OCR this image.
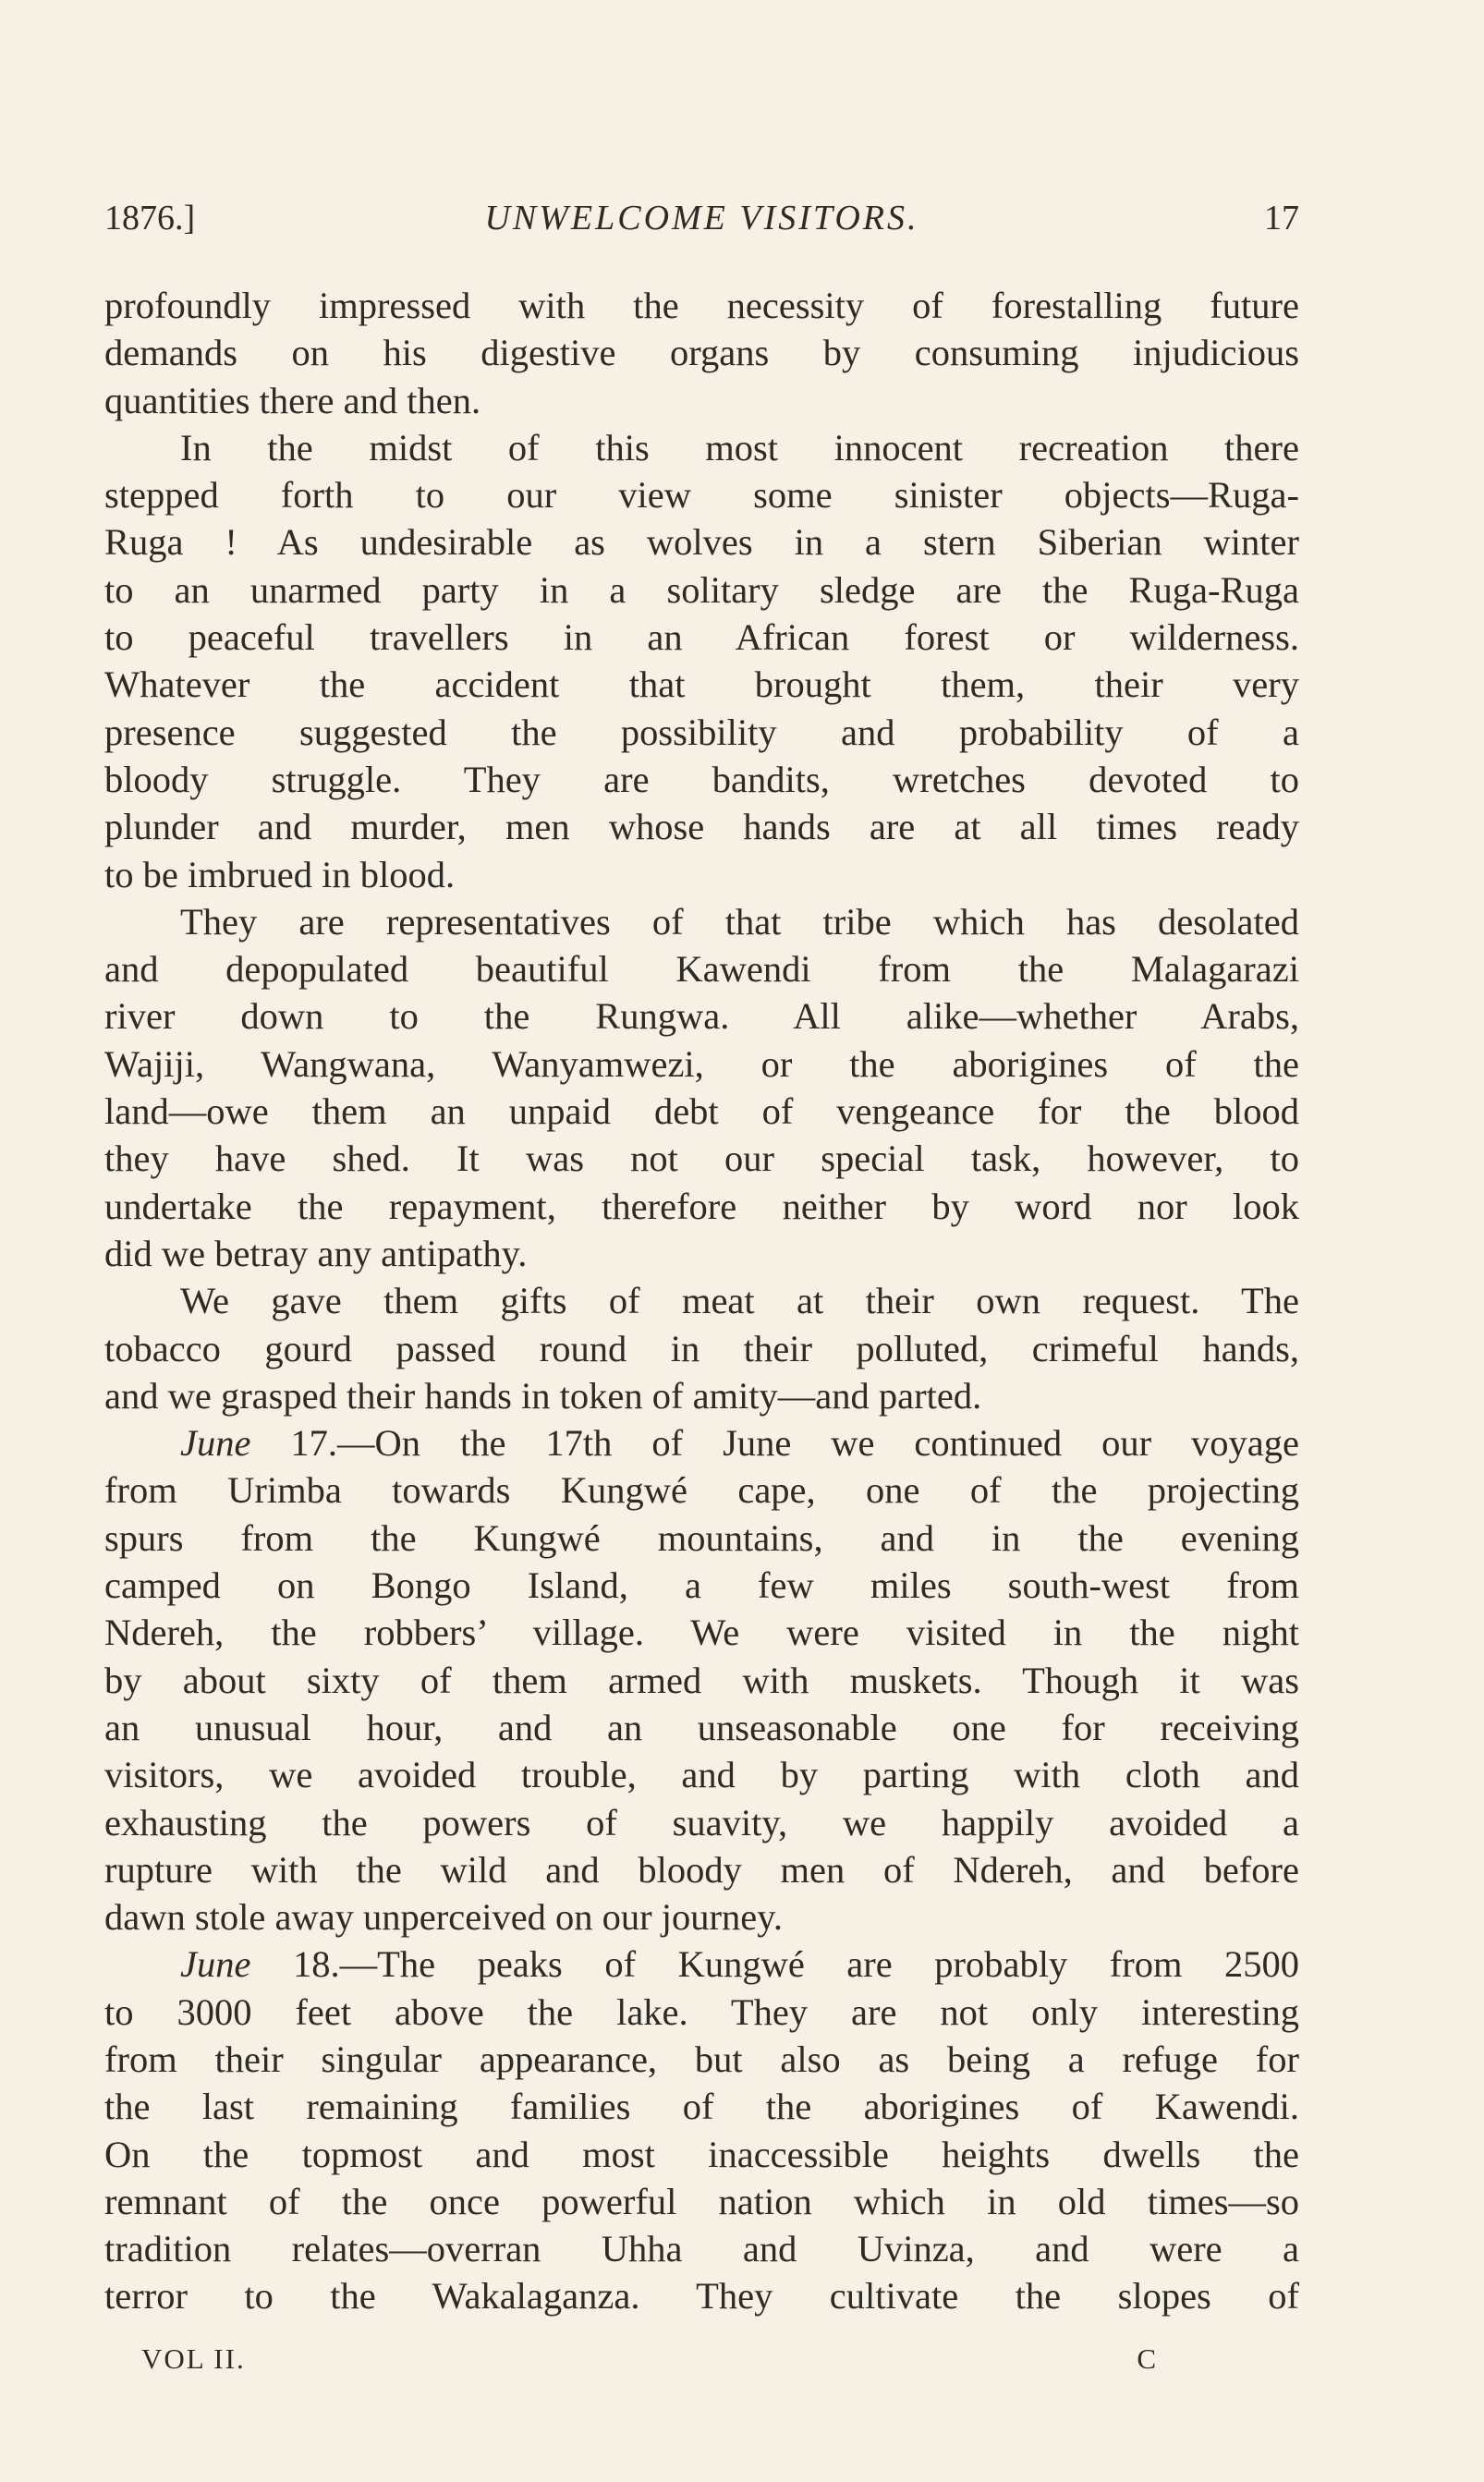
1876.]	UNWELCOME VISITORS.	17
profoundly impressed with the necessity of forestalling future
demands on his digestive organs by consuming injudicious
quantities there and then.
In the midst of this most innocent recreation there
stepped forth to our view some sinister objects—Ruga-
Ruga ! As undesirable as wolves in a stern Siberian winter
to an unarmed party in a solitary sledge are the Ruga-Ruga
to peaceful travellers in an African forest or wilderness.
Whatever the accident that brought them, their very
presence suggested the possibility and probability of a
bloody struggle. They are bandits, wretches devoted to
plunder and murder, men whose hands are at all times ready
to be imbrued in blood.
They are representatives of that tribe which has desolated
and depopulated beautiful Kawendi from the Malagarazi
river down to the Rungwa. All alike—whether Arabs,
Wajiji, Wangwana, Wanyamwezi, or the aborigines of the
land—owe them an unpaid debt of vengeance for the blood
they have shed. It was not our special task, however, to
undertake the repayment, therefore neither by word nor look
did we betray any antipathy.
We gave them gifts of meat at their own request. The
tobacco gourd passed round in their polluted, crimeful hands,
and we grasped their hands in token of amity—and parted.
June 17.—On the 17th of June we continued our voyage
from Urimba towards Kungwé cape, one of the projecting
spurs from the Kungwé mountains, and in the evening
camped on Bongo Island, a few miles south-west from
Ndereh, the robbers’ village. We were visited in the night
by about sixty of them armed with muskets. Though it was
an unusual hour, and an unseasonable one for receiving
visitors, we avoided trouble, and by parting with cloth and
exhausting the powers of suavity, we happily avoided a
rupture with the wild and bloody men of Ndereh, and before
dawn stole away unperceived on our journey.
June 18.—The peaks of Kungwé are probably from 2500
to 3000 feet above the lake. They are not only interesting
from their singular appearance, but also as being a refuge for
the last remaining families of the aborigines of Kawendi.
On the topmost and most inaccessible heights dwells the
remnant of the once powerful nation which in old times—so
tradition relates—overran Uhha and Uvinza, and were a
terror to the Wakalaganza. They cultivate the slopes of
VOL II.	C
